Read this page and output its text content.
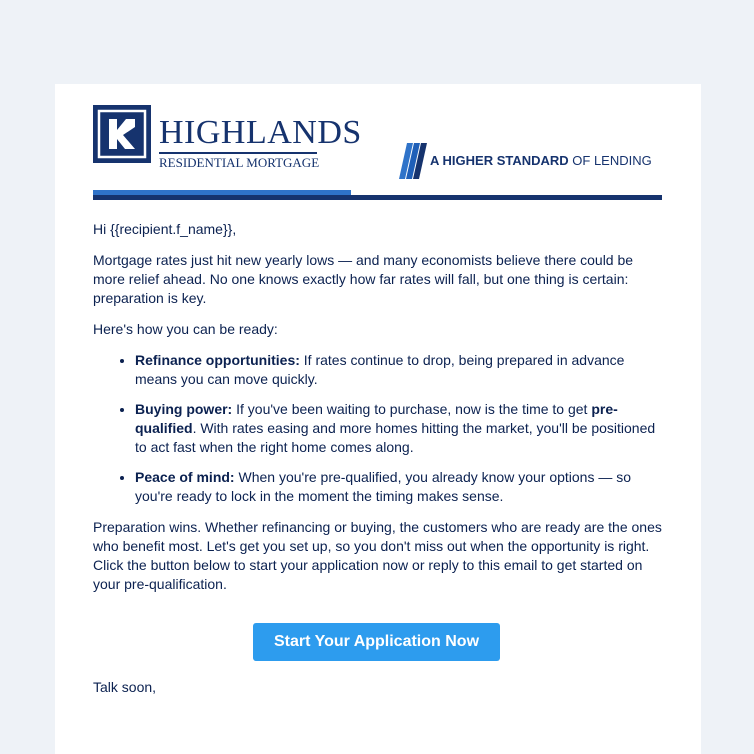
HIGHLANDS
RESIDENTIAL MORTGAGE	A HIGHER STANDARD OF LENDING

Hi {{recipient.f_name}},

Mortgage rates just hit new yearly lows — and many economists believe there could be more relief ahead. No one knows exactly how far rates will fall, but one thing is certain: preparation is key.

Here's how you can be ready:

• Refinance opportunities: If rates continue to drop, being prepared in advance means you can move quickly.
• Buying power: If you've been waiting to purchase, now is the time to get pre-qualified. With rates easing and more homes hitting the market, you'll be positioned to act fast when the right home comes along.
• Peace of mind: When you're pre-qualified, you already know your options — so you're ready to lock in the moment the timing makes sense.

Preparation wins. Whether refinancing or buying, the customers who are ready are the ones who benefit most. Let's get you set up, so you don't miss out when the opportunity is right. Click the button below to start your application now or reply to this email to get started on your pre-qualification.

Start Your Application Now
Talk soon,
